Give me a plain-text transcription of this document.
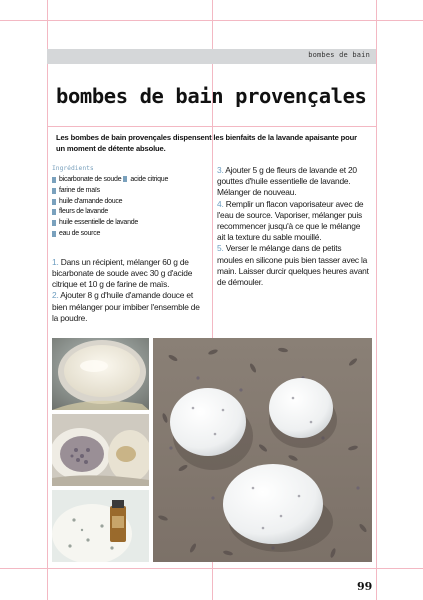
bombes de bain
bombes de bain provençales
Les bombes de bain provençales dispensent les bienfaits de la lavande apaisante pour un moment de détente absolue.
Ingrédients
bicarbonate de soude acide citrique
farine de maïs
huile d'amande douce
fleurs de lavande
huile essentielle de lavande
eau de source
1. Dans un récipient, mélanger 60 g de bicarbonate de soude avec 30 g d'acide citrique et 10 g de farine de maïs.
2. Ajouter 8 g d'huile d'amande douce et bien mélanger pour imbiber l'ensemble de la poudre.
3. Ajouter 5 g de fleurs de lavande et 20 gouttes d'huile essentielle de lavande. Mélanger de nouveau.
4. Remplir un flacon vaporisateur avec de l'eau de source. Vaporiser, mélanger puis recommencer jusqu'à ce que le mélange ait la texture du sable mouillé.
5. Verser le mélange dans de petits moules en silicone puis bien tasser avec la main. Laisser durcir quelques heures avant de démouler.
99
